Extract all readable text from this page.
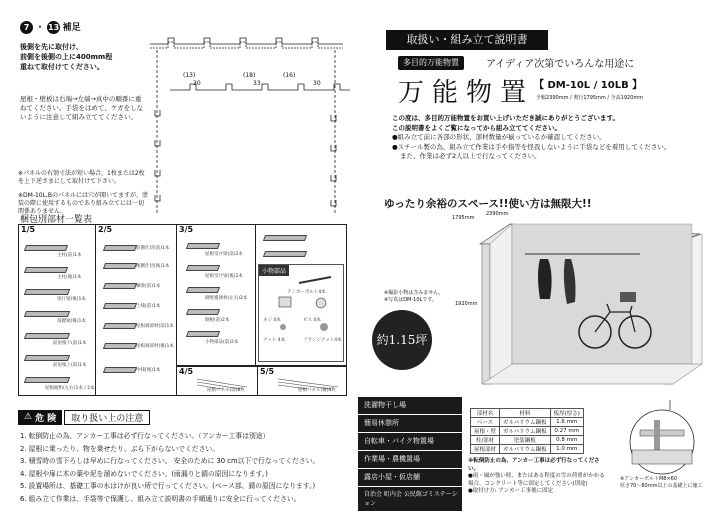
7 ・ 13 補足
後側を先に取付け、
前側を後側の上に400mm程
重ねて取付けてください。
屋根・壁板は右端→左端→真中の順番に重ねてください。手袋をはめて、ケガをしないように注意して組み立ててください。
※パネルの有効寸法が短い場合、1枚または2枚を上下逆さまにして取付けて下さい。
※DM-10L,Bのパネルには穴が開いてますが、塗装の際に使用するものであり組み立てには一切関係ありません。
(13)	(18)	(16)
30	33	30
梱包別部材一覧表
1/5
主柱(前)1本
主柱(後)1本
奥行梁(後)1本
基礎梁(後)1本
前屋根下(前)1本
前屋根上(前)1本
屋根縦桁(左右)1本 / 2本
2/5
前側仕切(前)1本
後側仕切(後)1本
棟梁(前)1本
上桟(前)1本
屋根端部材(前)1本
屋根端部材(後)1本
中桟(後)1本
3/5
屋根受け梁(前)2本
屋根受け梁(後)2本
側壁補強材(左右)2本
側板(前)2本
小物部品(前)2本
小物部品
アンカーボルト4本
ネジ 4本	ビス 4本
ナット 4本	フランジナット4本
4/5
屋根パネル(前)8枚
5/5
屋根パネル(後)8枚
⚠ 危 険	取り扱い上の注意
1. 転倒防止の為、アンカー工事は必ず行なってください。（アンカー工事は別途）
2. 屋根に乗ったり、物を乗せたり、ぶら下がらないでください。
3. 積雪時の雪下ろしは早めに行なってください。 安全のために 30 cm以下で行なってください。
4. 屋根や扉に木の葉や泥を溜めないでください。(雨漏りと錆の原因になります。)
5. 設置場所は、基礎工事の水はけが良い所で行ってください。(ベース部、錆の原因になります。)
6. 組み立て作業は、手袋等で保護し、組み立て説明書の手順通りに安全に行ってください。
取扱い・組み立て説明書
多目的万能物置	アイディア次第でいろんな用途に
万能物置 【 DM-10L / 10LB 】
全幅2390mm / 奥行1795mm / 全高1920mm
この度は、多目的万能物置をお買い上げいただき誠にありがとうございます。
この説明書をよくご覧になってから組み立ててください。
●組み立て前に各部の形状、部材数量が揃っているか確認してください。
●スチール製の為、組み立て作業は手や指等を怪我しないように手袋などを着用してください。
また、作業は必ず2人以上で行なってください。
ゆったり余裕のスペース!!使い方は無限大!!
2390mm
1795mm
1920mm
※撮影小物は含みません。
※写真はDM-10Lです。
約1.15坪
洗濯物干し場
簡易休憩所
自転車・バイク物置場
作業場・農機置場
露店小屋・仮店舗
自治会 町内会 公民館ゴミステーション
部材名	材料	板厚(厚さ)
ベース	ガルバリウム鋼板	1.6 mm
屋根・壁	ガルバリウム鋼板	0.27 mm
柱/部材	塗装鋼板	0.8 mm
屋根部材	ガルバリウム鋼板	1.0 mm
※転倒防止の為、アンカー工事は必ず行なってください。
●雨・風が強い時、またはある程度の雪の荷重がかかる場合、コンクリート等に固定してください(別途)
●取付け方: アンカー工事後に固定
※アンカーボルトM8×60
厚さ70〜80mm以上の基礎上に施工
